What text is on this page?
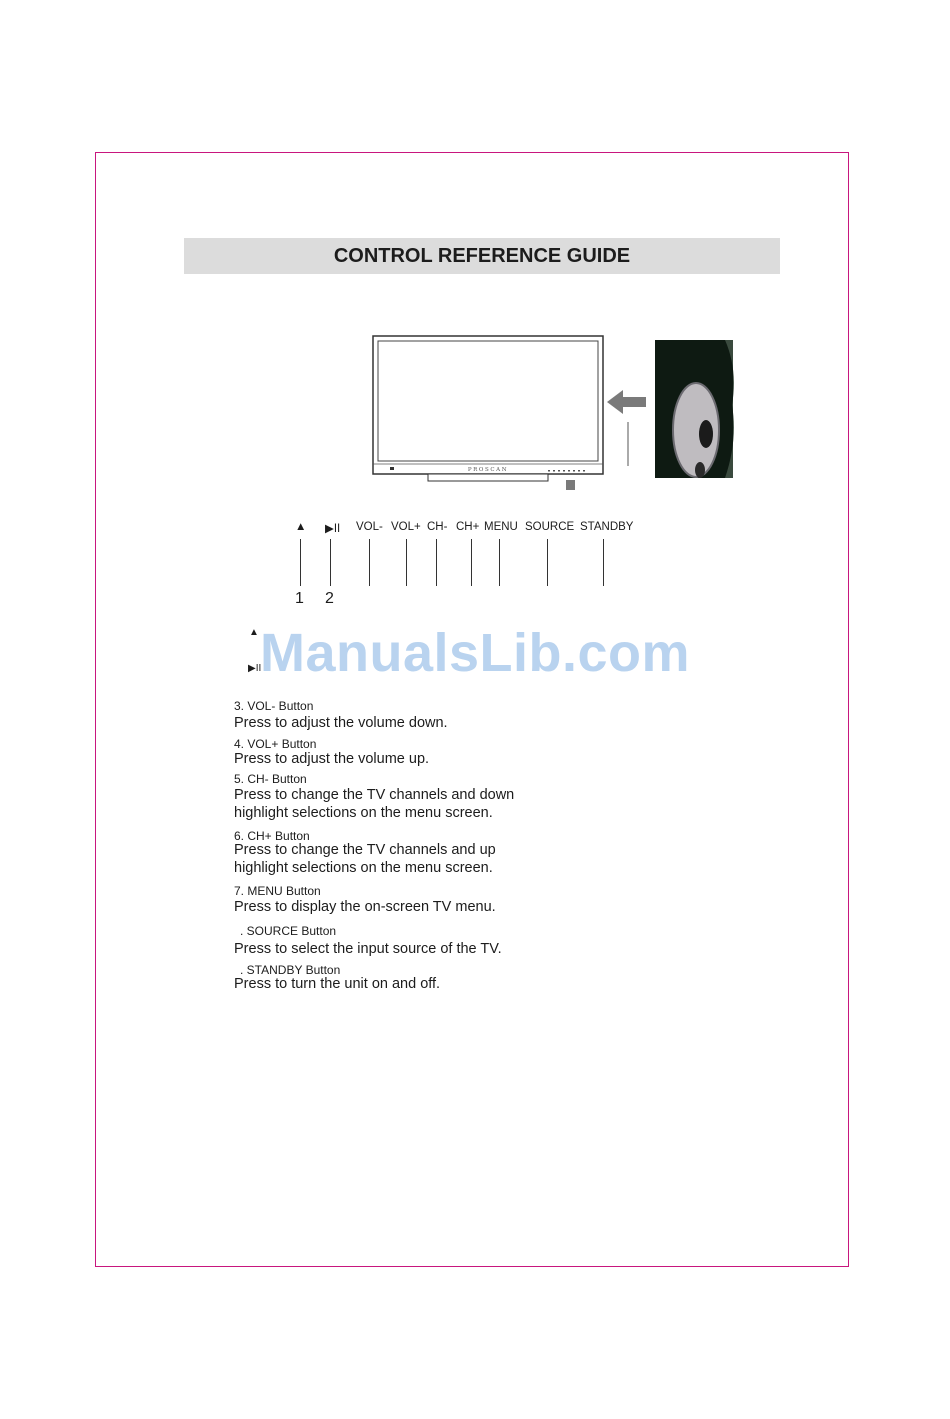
CONTROL REFERENCE GUIDE
PROSCAN
▲ ▶II VOL- VOL+ CH- CH+ MENU SOURCE STANDBY
1 2
▲
▶II
ManualsLib.com
3. VOL- Button
Press to adjust the volume down.
4. VOL+ Button
Press to adjust the volume up.
5. CH- Button
Press to change the TV channels and down
highlight selections on the menu screen.
6. CH+ Button
Press to change the TV channels and up
highlight selections on the menu screen.
7. MENU Button
Press to display the on-screen TV menu.
. SOURCE Button
Press to select the input source of the TV.
. STANDBY Button
Press to turn the unit on and off.
